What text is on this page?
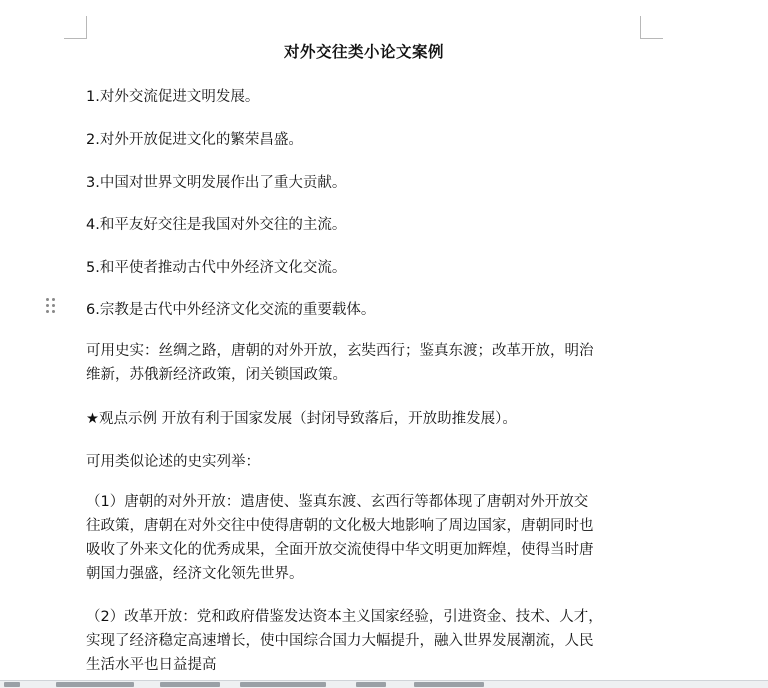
对外交往类小论文案例
1.对外交流促进文明发展。
2.对外开放促进文化的繁荣昌盛。
3.中国对世界文明发展作出了重大贡献。
4.和平友好交往是我国对外交往的主流。
5.和平使者推动古代中外经济文化交流。
6.宗教是古代中外经济文化交流的重要载体。
可用史实：丝绸之路，唐朝的对外开放，玄奘西行；鉴真东渡；改革开放，明治
维新，苏俄新经济政策，闭关锁国政策。
★观点示例 开放有利于国家发展（封闭导致落后，开放助推发展）。
可用类似论述的史实列举：
（1）唐朝的对外开放：遣唐使、鉴真东渡、玄西行等都体现了唐朝对外开放交
往政策，唐朝在对外交往中使得唐朝的文化极大地影响了周边国家，唐朝同时也
吸收了外来文化的优秀成果，全面开放交流使得中华文明更加辉煌，使得当时唐
朝国力强盛，经济文化领先世界。
（2）改革开放：党和政府借鉴发达资本主义国家经验，引进资金、技术、人才，
实现了经济稳定高速增长，使中国综合国力大幅提升，融入世界发展潮流，人民
生活水平也日益提高
